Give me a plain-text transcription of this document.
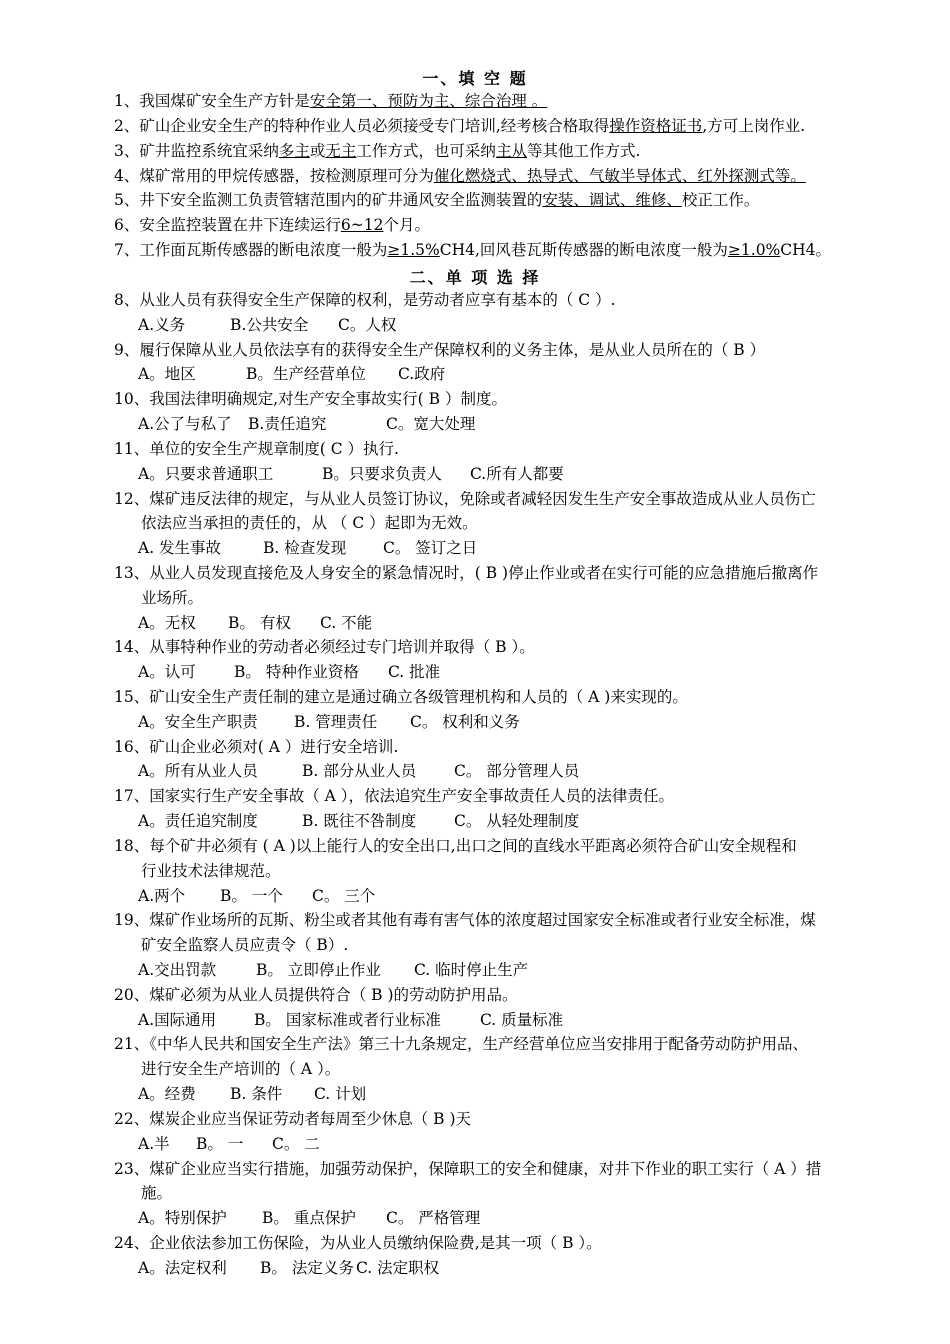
一、填 空 题
1、我国煤矿安全生产方针是安全第一、预防为主、综合治理 。
2、矿山企业安全生产的特种作业人员必须接受专门培训,经考核合格取得操作资格证书,方可上岗作业.
3、矿井监控系统宜采纳多主或无主工作方式，也可采纳主从等其他工作方式.
4、煤矿常用的甲烷传感器，按检测原理可分为催化燃烧式、热导式、气敏半导体式、红外探测式等。
5、井下安全监测工负责管辖范围内的矿井通风安全监测装置的安装、调试、维修、校正工作。
6、安全监控装置在井下连续运行6~12个月。
7、工作面瓦斯传感器的断电浓度一般为≥1.5%CH4,回风巷瓦斯传感器的断电浓度一般为≥1.0%CH4。
二、单 项 选 择
8、从业人员有获得安全生产保障的权利，是劳动者应享有基本的（ C ）.
A.义务	B.公共安全 C。人权
9、履行保障从业人员依法享有的获得安全生产保障权利的义务主体，是从业人员所在的（ B ）
A。地区	B。生产经营单位 C.政府
10、我国法律明确规定,对生产安全事故实行( B ）制度。
A.公了与私了 B.责任追究	C。宽大处理
11、单位的安全生产规章制度( C ）执行.
A。只要求普通职工	B。只要求负责人 C.所有人都要
12、煤矿违反法律的规定，与从业人员签订协议，免除或者减轻因发生生产安全事故造成从业人员伤亡
依法应当承担的责任的，从 （ C ）起即为无效。
A. 发生事故	B. 检查发现 C。 签订之日
13、从业人员发现直接危及人身安全的紧急情况时，( B )停止作业或者在实行可能的应急措施后撤离作
业场所。
A。无权 B。 有权 C. 不能
14、从事特种作业的劳动者必须经过专门培训并取得（ B ）。
A。认可 B。 特种作业资格 C. 批准
15、矿山安全生产责任制的建立是通过确立各级管理机构和人员的（ A )来实现的。
A。安全生产职责 B. 管理责任 C。 权利和义务
16、矿山企业必须对( A ）进行安全培训.
A。所有从业人员	B. 部分从业人员 C。 部分管理人员
17、国家实行生产安全事故（ A ），依法追究生产安全事故责任人员的法律责任。
A。责任追究制度	B. 既往不咎制度 C。 从轻处理制度
18、每个矿井必须有 ( A )以上能行人的安全出口,出口之间的直线水平距离必须符合矿山安全规程和
行业技术法律规范。
A.两个 B。 一个 C。 三个
19、煤矿作业场所的瓦斯、粉尘或者其他有毒有害气体的浓度超过国家安全标准或者行业安全标准，煤
矿安全监察人员应责令（ B）.
A.交出罚款	B。 立即停止作业 C. 临时停止生产
20、煤矿必须为从业人员提供符合（ B )的劳动防护用品。
A.国际通用 B。 国家标准或者行业标准	C. 质量标准
21、《中华人民共和国安全生产法》第三十九条规定，生产经营单位应当安排用于配备劳动防护用品、
进行安全生产培训的（ A ）。
A。经费 B. 条件 C. 计划
22、煤炭企业应当保证劳动者每周至少休息（ B )天
A.半 B。 一 C。 二
23、煤矿企业应当实行措施，加强劳动保护，保障职工的安全和健康，对井下作业的职工实行（ A ）措
施。
A。特别保护 B。 重点保护 C。 严格管理
24、企业依法参加工伤保险，为从业人员缴纳保险费,是其一项（ B ）。
A。法定权利 B。 法定义务 C. 法定职权
